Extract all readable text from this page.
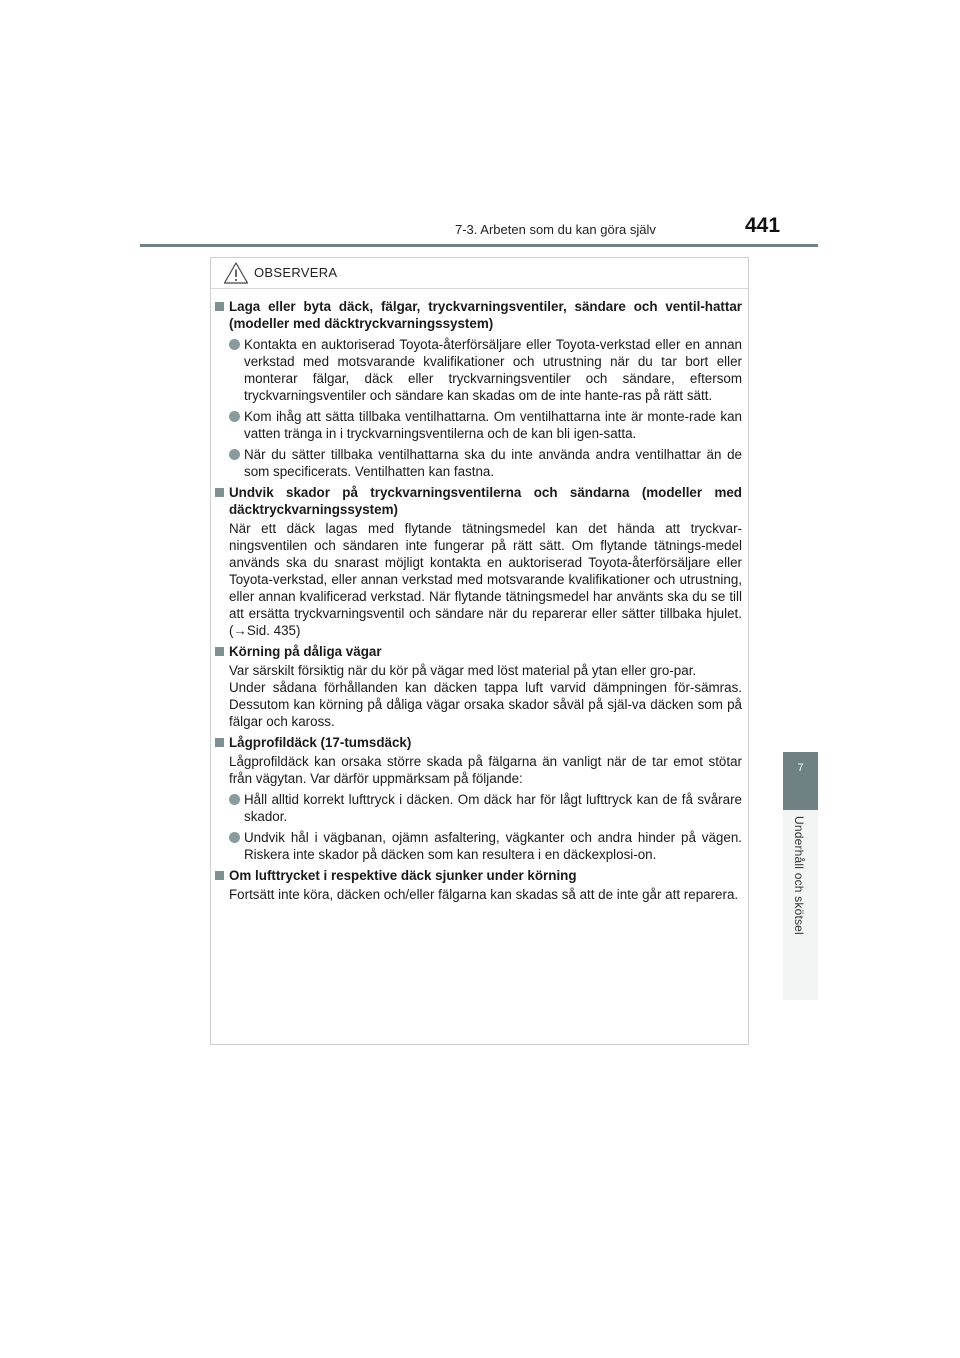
7-3. Arbeten som du kan göra själv	441
7
Underhåll och skötsel
OBSERVERA
Laga eller byta däck, fälgar, tryckvarningsventiler, sändare och ventil-hattar (modeller med däcktryckvarningssystem)
Kontakta en auktoriserad Toyota-återförsäljare eller Toyota-verkstad eller en annan verkstad med motsvarande kvalifikationer och utrustning när du tar bort eller monterar fälgar, däck eller tryckvarningsventiler och sändare, eftersom tryckvarningsventiler och sändare kan skadas om de inte hante-ras på rätt sätt.
Kom ihåg att sätta tillbaka ventilhattarna. Om ventilhattarna inte är monte-rade kan vatten tränga in i tryckvarningsventilerna och de kan bli igen-satta.
När du sätter tillbaka ventilhattarna ska du inte använda andra ventilhattar än de som specificerats. Ventilhatten kan fastna.
Undvik skador på tryckvarningsventilerna och sändarna (modeller med däcktryckvarningssystem)
När ett däck lagas med flytande tätningsmedel kan det hända att tryckvar-ningsventilen och sändaren inte fungerar på rätt sätt. Om flytande tätnings-medel används ska du snarast möjligt kontakta en auktoriserad Toyota-återförsäljare eller Toyota-verkstad, eller annan verkstad med motsvarande kvalifikationer och utrustning, eller annan kvalificerad verkstad. När flytande tätningsmedel har använts ska du se till att ersätta tryckvarningsventil och sändare när du reparerar eller sätter tillbaka hjulet. (→Sid. 435)
Körning på dåliga vägar
Var särskilt försiktig när du kör på vägar med löst material på ytan eller gro-par.
Under sådana förhållanden kan däcken tappa luft varvid dämpningen för-sämras. Dessutom kan körning på dåliga vägar orsaka skador såväl på själ-va däcken som på fälgar och kaross.
Lågprofildäck (17-tumsdäck)
Lågprofildäck kan orsaka större skada på fälgarna än vanligt när de tar emot stötar från vägytan. Var därför uppmärksam på följande:
Håll alltid korrekt lufttryck i däcken. Om däck har för lågt lufttryck kan de få svårare skador.
Undvik hål i vägbanan, ojämn asfaltering, vägkanter och andra hinder på vägen. Riskera inte skador på däcken som kan resultera i en däckexplosi-on.
Om lufttrycket i respektive däck sjunker under körning
Fortsätt inte köra, däcken och/eller fälgarna kan skadas så att de inte går att reparera.
